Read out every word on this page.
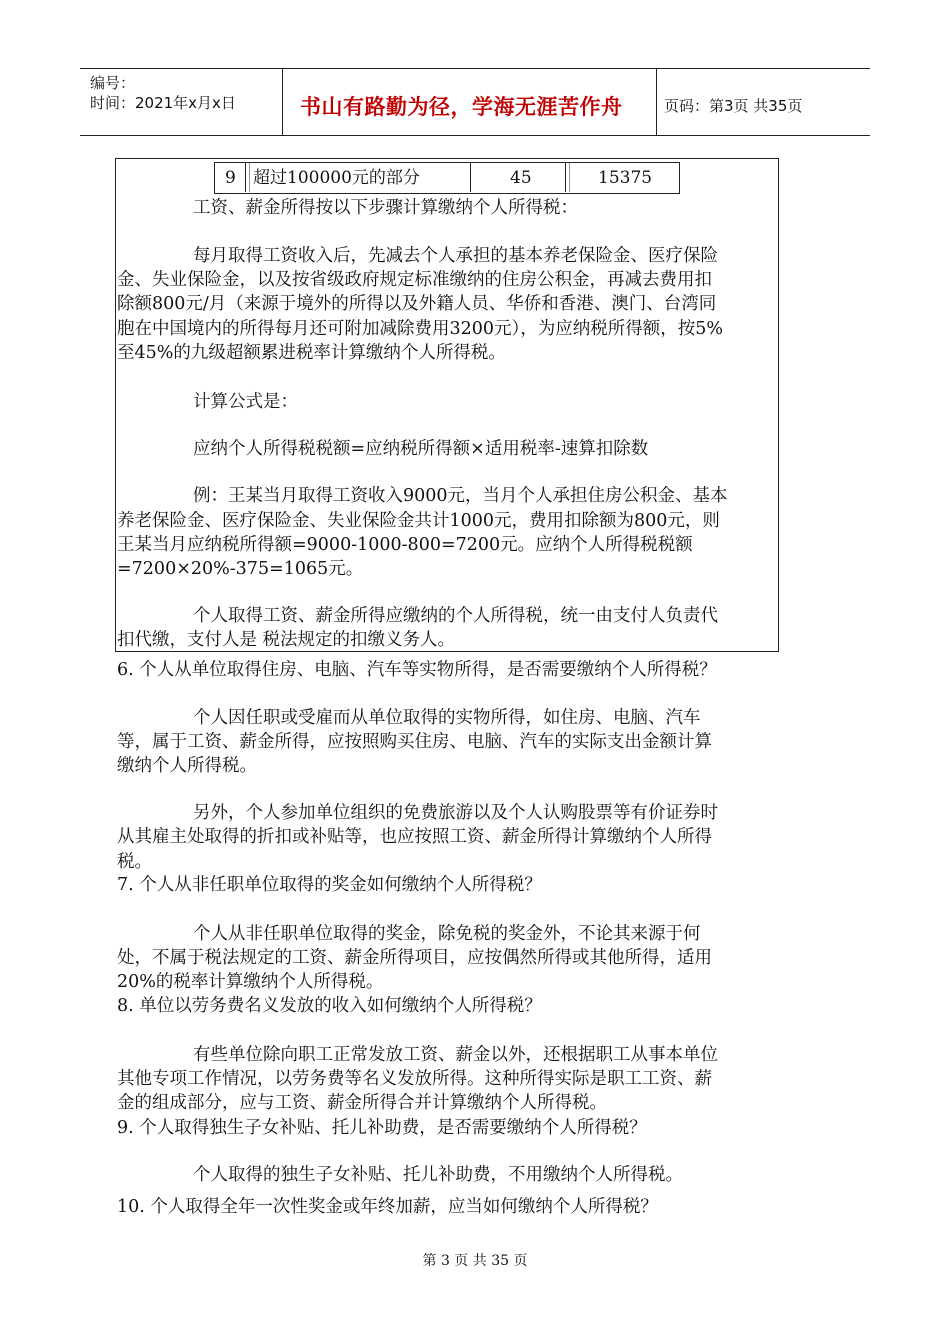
编号：
时间：2021年x月x日	书山有路勤为径，学海无涯苦作舟	页码：第3页 共35页
9 超过100000元的部分	45	15375
工资、薪金所得按以下步骤计算缴纳个人所得税：
每月取得工资收入后，先减去个人承担的基本养老保险金、医疗保险
金、失业保险金，以及按省级政府规定标准缴纳的住房公积金，再减去费用扣
除额800元/月（来源于境外的所得以及外籍人员、华侨和香港、澳门、台湾同
胞在中国境内的所得每月还可附加减除费用3200元），为应纳税所得额，按5%
至45%的九级超额累进税率计算缴纳个人所得税。
计算公式是：
应纳个人所得税税额=应纳税所得额×适用税率-速算扣除数
例：王某当月取得工资收入9000元，当月个人承担住房公积金、基本
养老保险金、医疗保险金、失业保险金共计1000元，费用扣除额为800元，则
王某当月应纳税所得额=9000-1000-800=7200元。应纳个人所得税税额
=7200×20%-375=1065元。
个人取得工资、薪金所得应缴纳的个人所得税，统一由支付人负责代
扣代缴，支付人是 税法规定的扣缴义务人。
6. 个人从单位取得住房、电脑、汽车等实物所得，是否需要缴纳个人所得税？
个人因任职或受雇而从单位取得的实物所得，如住房、电脑、汽车
等，属于工资、薪金所得，应按照购买住房、电脑、汽车的实际支出金额计算
缴纳个人所得税。
另外，个人参加单位组织的免费旅游以及个人认购股票等有价证券时
从其雇主处取得的折扣或补贴等，也应按照工资、薪金所得计算缴纳个人所得
税。
7. 个人从非任职单位取得的奖金如何缴纳个人所得税？
个人从非任职单位取得的奖金，除免税的奖金外，不论其来源于何
处，不属于税法规定的工资、薪金所得项目，应按偶然所得或其他所得，适用
20%的税率计算缴纳个人所得税。
8. 单位以劳务费名义发放的收入如何缴纳个人所得税？
有些单位除向职工正常发放工资、薪金以外，还根据职工从事本单位
其他专项工作情况，以劳务费等名义发放所得。这种所得实际是职工工资、薪
金的组成部分，应与工资、薪金所得合并计算缴纳个人所得税。
9. 个人取得独生子女补贴、托儿补助费，是否需要缴纳个人所得税？
个人取得的独生子女补贴、托儿补助费，不用缴纳个人所得税。
10. 个人取得全年一次性奖金或年终加薪，应当如何缴纳个人所得税？
第 3 页 共 35 页
